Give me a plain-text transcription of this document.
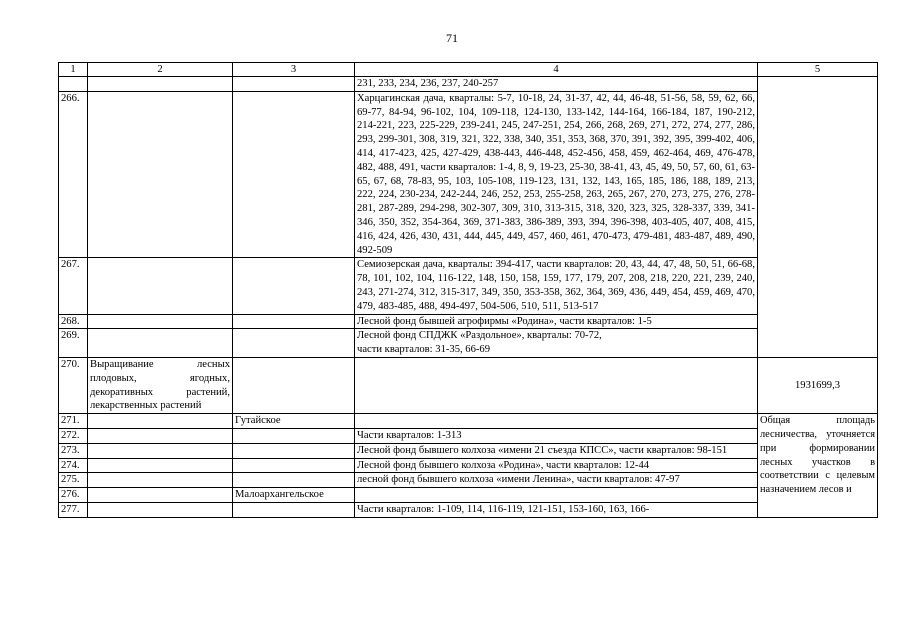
71
1	2	3	4	5
			231, 233, 234, 236, 237, 240-257	
266.			Харцагинская дача, кварталы: 5-7, 10-18, 24, 31-37, 42, 44, 46-48, 51-56, 58, 59, 62, 66, 69-77, 84-94, 96-102, 104, 109-118, 124-130, 133-142, 144-164, 166-184, 187, 190-212, 214-221, 223, 225-229, 239-241, 245, 247-251, 254, 266, 268, 269, 271, 272, 274, 277, 286, 293, 299-301, 308, 319, 321, 322, 338, 340, 351, 353, 368, 370, 391, 392, 395, 399-402, 406, 414, 417-423, 425, 427-429, 438-443, 446-448, 452-456, 458, 459, 462-464, 469, 476-478, 482, 488, 491, части кварталов: 1-4, 8, 9, 19-23, 25-30, 38-41, 43, 45, 49, 50, 57, 60, 61, 63-65, 67, 68, 78-83, 95, 103, 105-108, 119-123, 131, 132, 143, 165, 185, 186, 188, 189, 213, 222, 224, 230-234, 242-244, 246, 252, 253, 255-258, 263, 265, 267, 270, 273, 275, 276, 278-281, 287-289, 294-298, 302-307, 309, 310, 313-315, 318, 320, 323, 325, 328-337, 339, 341-346, 350, 352, 354-364, 369, 371-383, 386-389, 393, 394, 396-398, 403-405, 407, 408, 415, 416, 424, 426, 430, 431, 444, 445, 449, 457, 460, 461, 470-473, 479-481, 483-487, 489, 490, 492-509	
267.			Семиозерская дача, кварталы: 394-417, части кварталов: 20, 43, 44, 47, 48, 50, 51, 66-68, 78, 101, 102, 104, 116-122, 148, 150, 158, 159, 177, 179, 207, 208, 218, 220, 221, 239, 240, 243, 271-274, 312, 315-317, 349, 350, 353-358, 362, 364, 369, 436, 449, 454, 459, 469, 470, 479, 483-485, 488, 494-497, 504-506, 510, 511, 513-517	
268.			Лесной фонд бывшей агрофирмы «Родина», части кварталов: 1-5	
269.			Лесной фонд СПДЖК «Раздольное», кварталы: 70-72,
части кварталов: 31-35, 66-69	
270.	Выращивание лесных плодовых, ягодных, декоративных растений, лекарственных растений			1931699,3
271.		Гутайское		Общая площадь лесничества, уточняется при формировании лесных участков в соответствии с целевым назначением лесов и
272.			Части кварталов: 1-313	
273.			Лесной фонд бывшего колхоза «имени 21 съезда КПСС», части кварталов: 98-151	
274.			Лесной фонд бывшего колхоза «Родина», части кварталов: 12-44	
275.			лесной фонд бывшего колхоза «имени Ленина», части кварталов: 47-97	
276.		Малоархангельское		
277.			Части кварталов: 1-109, 114, 116-119, 121-151, 153-160, 163, 166-	
